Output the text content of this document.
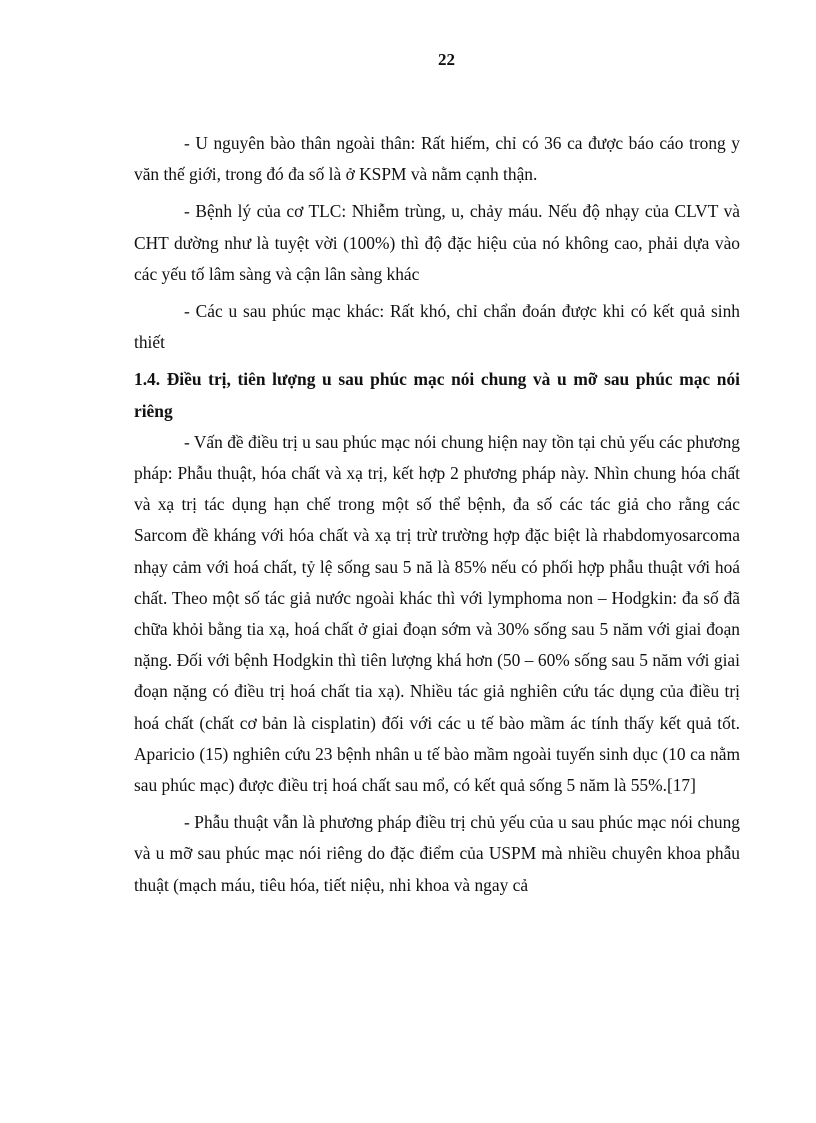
22

- U nguyên bào thân ngoài thân: Rất hiếm, chỉ có 36 ca được báo cáo trong y văn thế giới, trong đó đa số là ở KSPM và nằm cạnh thận.

- Bệnh lý của cơ TLC: Nhiễm trùng, u, chảy máu. Nếu độ nhạy của CLVT và CHT dường như là tuyệt vời (100%) thì độ đặc hiệu của nó không cao, phải dựa vào các yếu tố lâm sàng và cận lân sàng khác

- Các u sau phúc mạc khác: Rất khó, chỉ chẩn đoán được khi có kết quả sinh thiết

1.4. Điều trị, tiên lượng u sau phúc mạc nói chung và u mỡ sau phúc mạc nói riêng

- Vấn đề điều trị u sau phúc mạc nói chung hiện nay tồn tại chủ yếu các phương pháp: Phẫu thuật, hóa chất và xạ trị, kết hợp 2 phương pháp này. Nhìn chung hóa chất và xạ trị tác dụng hạn chế trong một số thể bệnh, đa số các tác giả cho rằng các Sarcom đề kháng với hóa chất và xạ trị trừ trường hợp đặc biệt là rhabdomyosarcoma nhạy cảm với hoá chất, tỷ lệ sống sau 5 nă là 85% nếu có phối hợp phẫu thuật với hoá chất. Theo một số tác giả nước ngoài khác thì với lymphoma non – Hodgkin: đa số đã chữa khỏi bằng tia xạ, hoá chất ở giai đoạn sớm và 30% sống sau 5 năm với giai đoạn nặng. Đối với bệnh Hodgkin thì tiên lượng khá hơn (50 – 60% sống sau 5 năm với giai đoạn nặng có điều trị hoá chất tia xạ). Nhiều tác giả nghiên cứu tác dụng của điều trị hoá chất (chất cơ bản là cisplatin) đối với các u tế bào mầm ác tính thấy kết quả tốt. Aparicio (15) nghiên cứu 23 bệnh nhân u tế bào mầm ngoài tuyến sinh dục (10 ca nằm sau phúc mạc) được điều trị hoá chất sau mổ, có kết quả sống 5 năm là 55%.[17]

- Phẫu thuật vẫn là phương pháp điều trị chủ yếu của u sau phúc mạc nói chung và u mỡ sau phúc mạc nói riêng do đặc điểm của USPM mà nhiều chuyên khoa phẫu thuật (mạch máu, tiêu hóa, tiết niệu, nhi khoa và ngay cả
